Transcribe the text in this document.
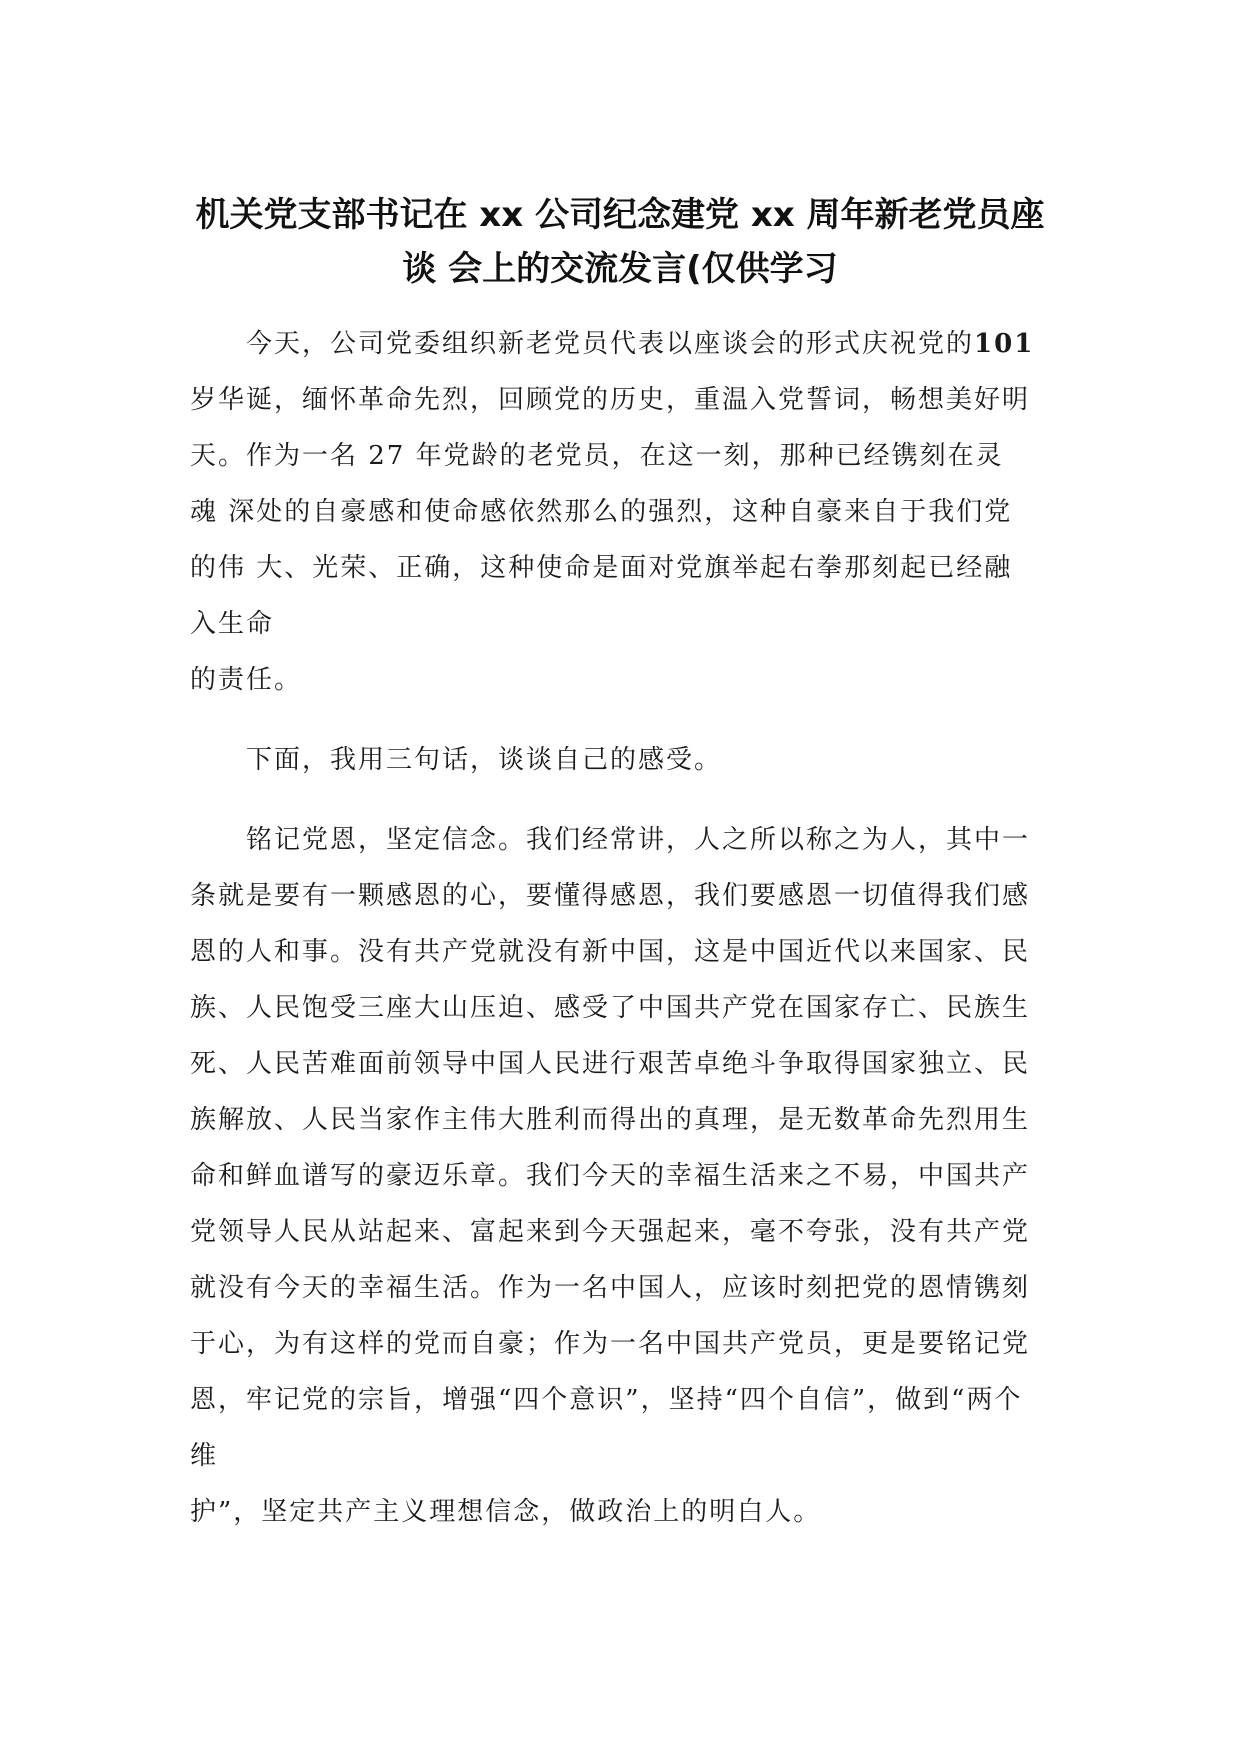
机关党支部书记在 xx 公司纪念建党 xx 周年新老党员座
谈 会上的交流发言(仅供学习
今天，公司党委组织新老党员代表以座谈会的形式庆祝党的101
岁华诞，缅怀革命先烈，回顾党的历史，重温入党誓词，畅想美好明
天。作为一名 27 年党龄的老党员，在这一刻，那种已经镌刻在灵
魂 深处的自豪感和使命感依然那么的强烈，这种自豪来自于我们党
的伟 大、光荣、正确，这种使命是面对党旗举起右拳那刻起已经融
入生命
的责任。
下面，我用三句话，谈谈自己的感受。
铭记党恩，坚定信念。我们经常讲，人之所以称之为人，其中一
条就是要有一颗感恩的心，要懂得感恩，我们要感恩一切值得我们感
恩的人和事。没有共产党就没有新中国，这是中国近代以来国家、民
族、人民饱受三座大山压迫、感受了中国共产党在国家存亡、民族生
死、人民苦难面前领导中国人民进行艰苦卓绝斗争取得国家独立、民
族解放、人民当家作主伟大胜利而得出的真理，是无数革命先烈用生
命和鲜血谱写的豪迈乐章。我们今天的幸福生活来之不易，中国共产
党领导人民从站起来、富起来到今天强起来，毫不夸张，没有共产党
就没有今天的幸福生活。作为一名中国人，应该时刻把党的恩情镌刻
于心，为有这样的党而自豪；作为一名中国共产党员，更是要铭记党
恩，牢记党的宗旨，增强“四个意识”，坚持“四个自信”，做到“两个
维
护”，坚定共产主义理想信念，做政治上的明白人。
